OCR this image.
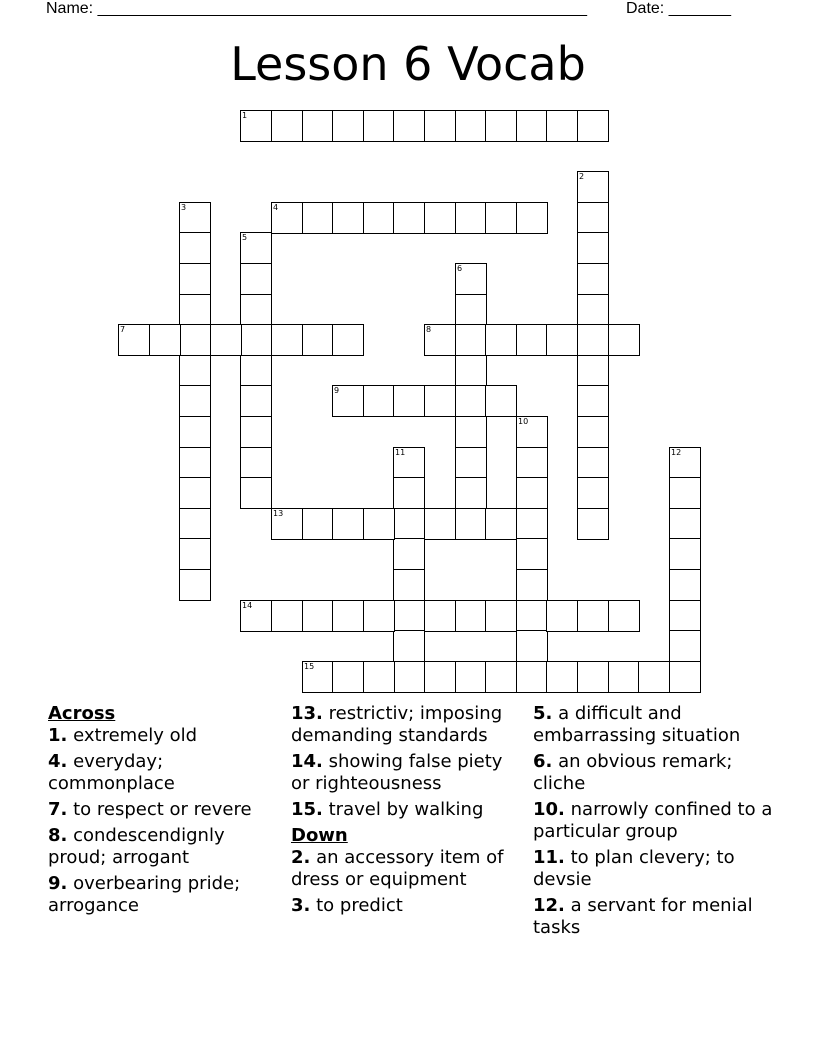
Name: _______________________________________________________ Date: _______
Lesson 6 Vocab
1
2
3	4
5
6
7	8
9
10
11	12
13
14
15
Across
1. extremely old
4. everyday; commonplace
7. to respect or revere
8. condescendignly proud; arrogant
9. overbearing pride; arrogance
13. restrictiv; imposing demanding standards
14. showing false piety or righteousness
15. travel by walking
Down
2. an accessory item of dress or equipment
3. to predict
5. a difficult and embarrassing situation
6. an obvious remark; cliche
10. narrowly confined to a particular group
11. to plan clevery; to devsie
12. a servant for menial tasks
